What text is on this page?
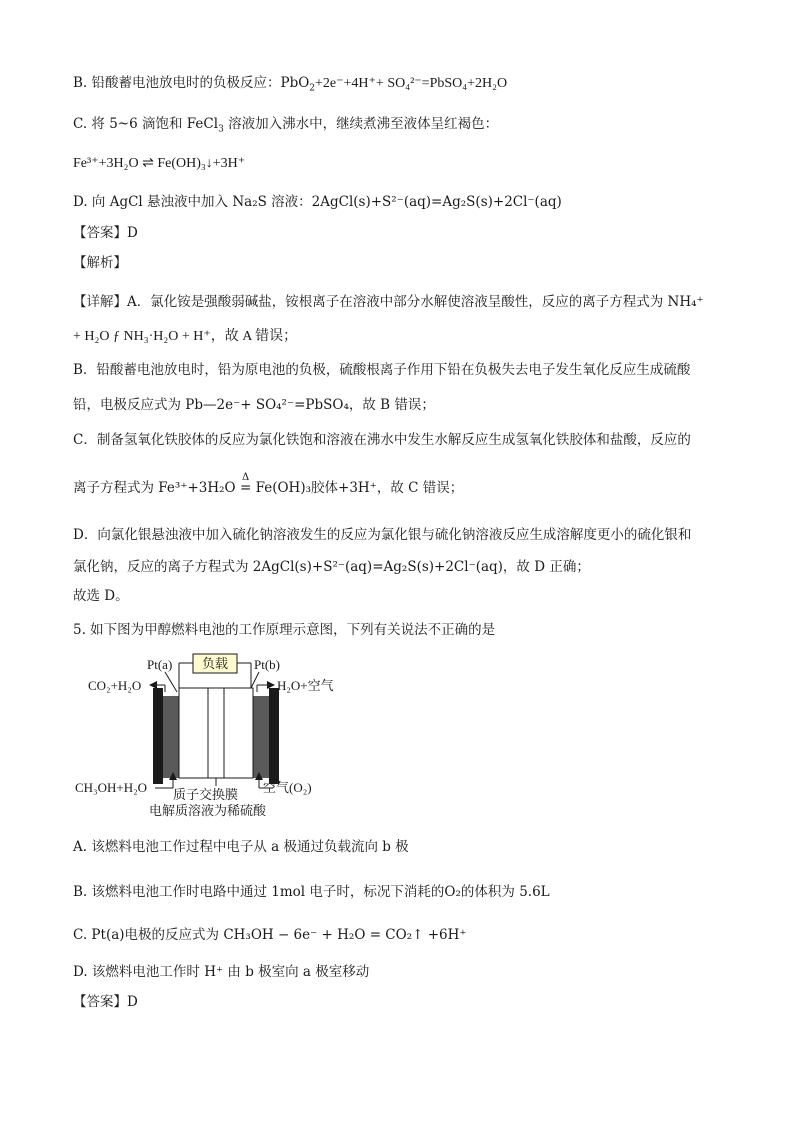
B. 铅酸蓄电池放电时的负极反应：PbO$_2$+2e⁻+4H⁺+ SO₄²⁻=PbSO₄+2H₂O
C. 将 5~6 滴饱和 FeCl$_3$ 溶液加入沸水中，继续煮沸至液体呈红褐色：
Fe³⁺+3H₂O ⇌ Fe(OH)₃↓+3H⁺
D. 向 AgCl 悬浊液中加入 Na₂S 溶液：2AgCl(s)+S²⁻(aq)=Ag₂S(s)+2Cl⁻(aq)
【答案】D
【解析】
【详解】A．氯化铵是强酸弱碱盐，铵根离子在溶液中部分水解使溶液呈酸性，反应的离子方程式为 NH₄⁺
+ H₂O ƒ NH₃·H₂O + H⁺，故 A 错误；
B．铅酸蓄电池放电时，铅为原电池的负极，硫酸根离子作用下铅在负极失去电子发生氧化反应生成硫酸
铅，电极反应式为 Pb—2e⁻+ SO₄²⁻=PbSO₄，故 B 错误；
C．制备氢氧化铁胶体的反应为氯化铁饱和溶液在沸水中发生水解反应生成氢氧化铁胶体和盐酸，反应的
离子方程式为 Fe³⁺+3H₂O
Δ
= Fe(OH)₃胶体+3H⁺，故 C 错误；
D．向氯化银悬浊液中加入硫化钠溶液发生的反应为氯化银与硫化钠溶液反应生成溶解度更小的硫化银和
氯化钠，反应的离子方程式为 2AgCl(s)+S²⁻(aq)=Ag₂S(s)+2Cl⁻(aq)，故 D 正确；
故选 D。
5. 如下图为甲醇燃料电池的工作原理示意图，下列有关说法不正确的是
负载
Pt(a)	Pt(b)
CO₂+H₂O	H₂O+空气
CH₃OH+H₂O	空气(O₂)
质子交换膜
电解质溶液为稀硫酸
A. 该燃料电池工作过程中电子从 a 极通过负载流向 b 极
B. 该燃料电池工作时电路中通过 1mol 电子时，标况下消耗的O₂的体积为 5.6L
C. Pt(a)电极的反应式为 CH₃OH − 6e⁻ + H₂O = CO₂↑ +6H⁺
D. 该燃料电池工作时 H⁺ 由 b 极室向 a 极室移动
【答案】D
